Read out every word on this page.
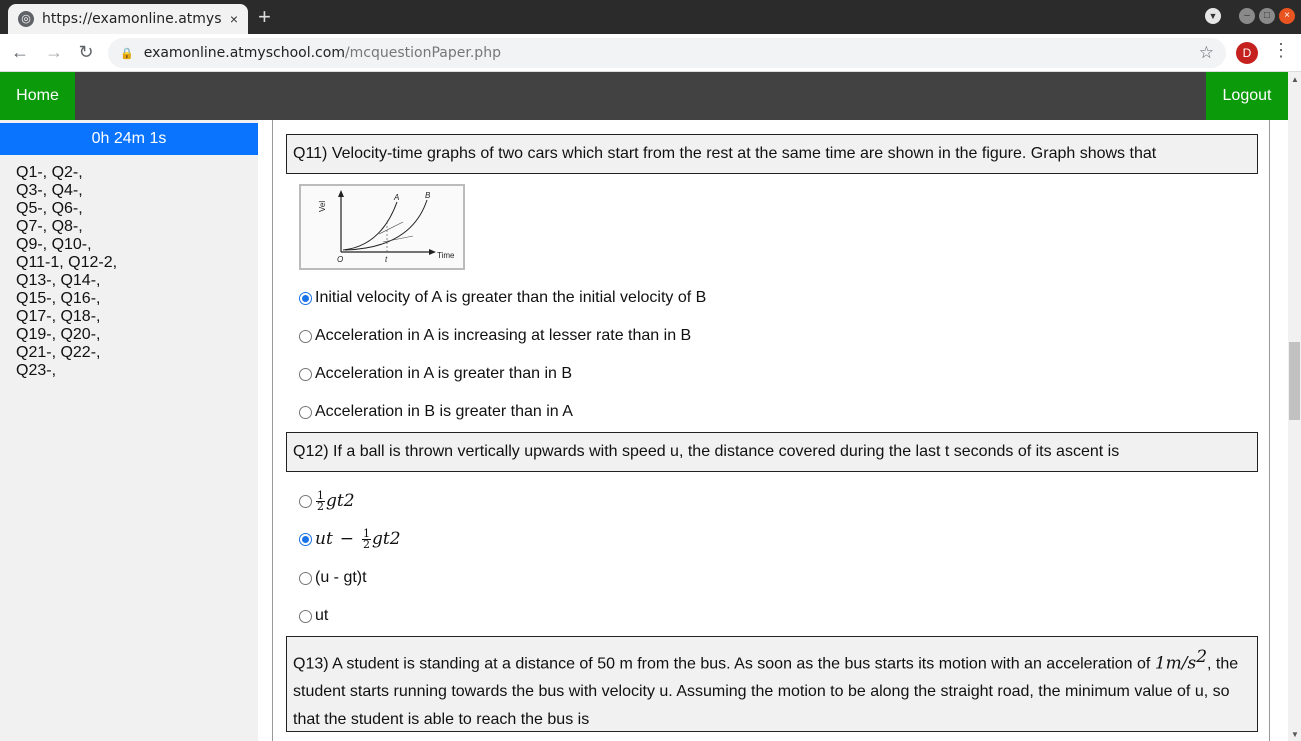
◎ https://examonline.atmys × +	▼	–	□	×
← → ↻	🔒 examonline.atmyschool.com /mcquestionPaper.php	☆	D	⋮
Home	Logout
0h 24m 1s
Q1-, Q2-,
Q3-, Q4-,
Q5-, Q6-,
Q7-, Q8-,
Q9-, Q10-,
Q11-1, Q12-2,
Q13-, Q14-,
Q15-, Q16-,
Q17-, Q18-,
Q19-, Q20-,
Q21-, Q22-,
Q23-,
Q11) Velocity-time graphs of two cars which start from the rest at the same time are shown in the figure. Graph shows that
Vel
Time
O	t
A	B
Initial velocity of A is greater than the initial velocity of B
Acceleration in A is increasing at lesser rate than in B
Acceleration in A is greater than in B
Acceleration in B is greater than in A
Q12) If a ball is thrown vertically upwards with speed u, the distance covered during the last t seconds of its ascent is
$\frac{1}{2}$ gt 2
ut − $\frac{1}{2}$ gt 2
(u - gt)t
ut
Q13) A student is standing at a distance of 50 m from the bus. As soon as the bus starts its motion with an acceleration of $1m/s^2$, the student starts running towards the bus with velocity u. Assuming the motion to be along the straight road, the minimum value of u, so that the student is able to reach the bus is
▲
▼
